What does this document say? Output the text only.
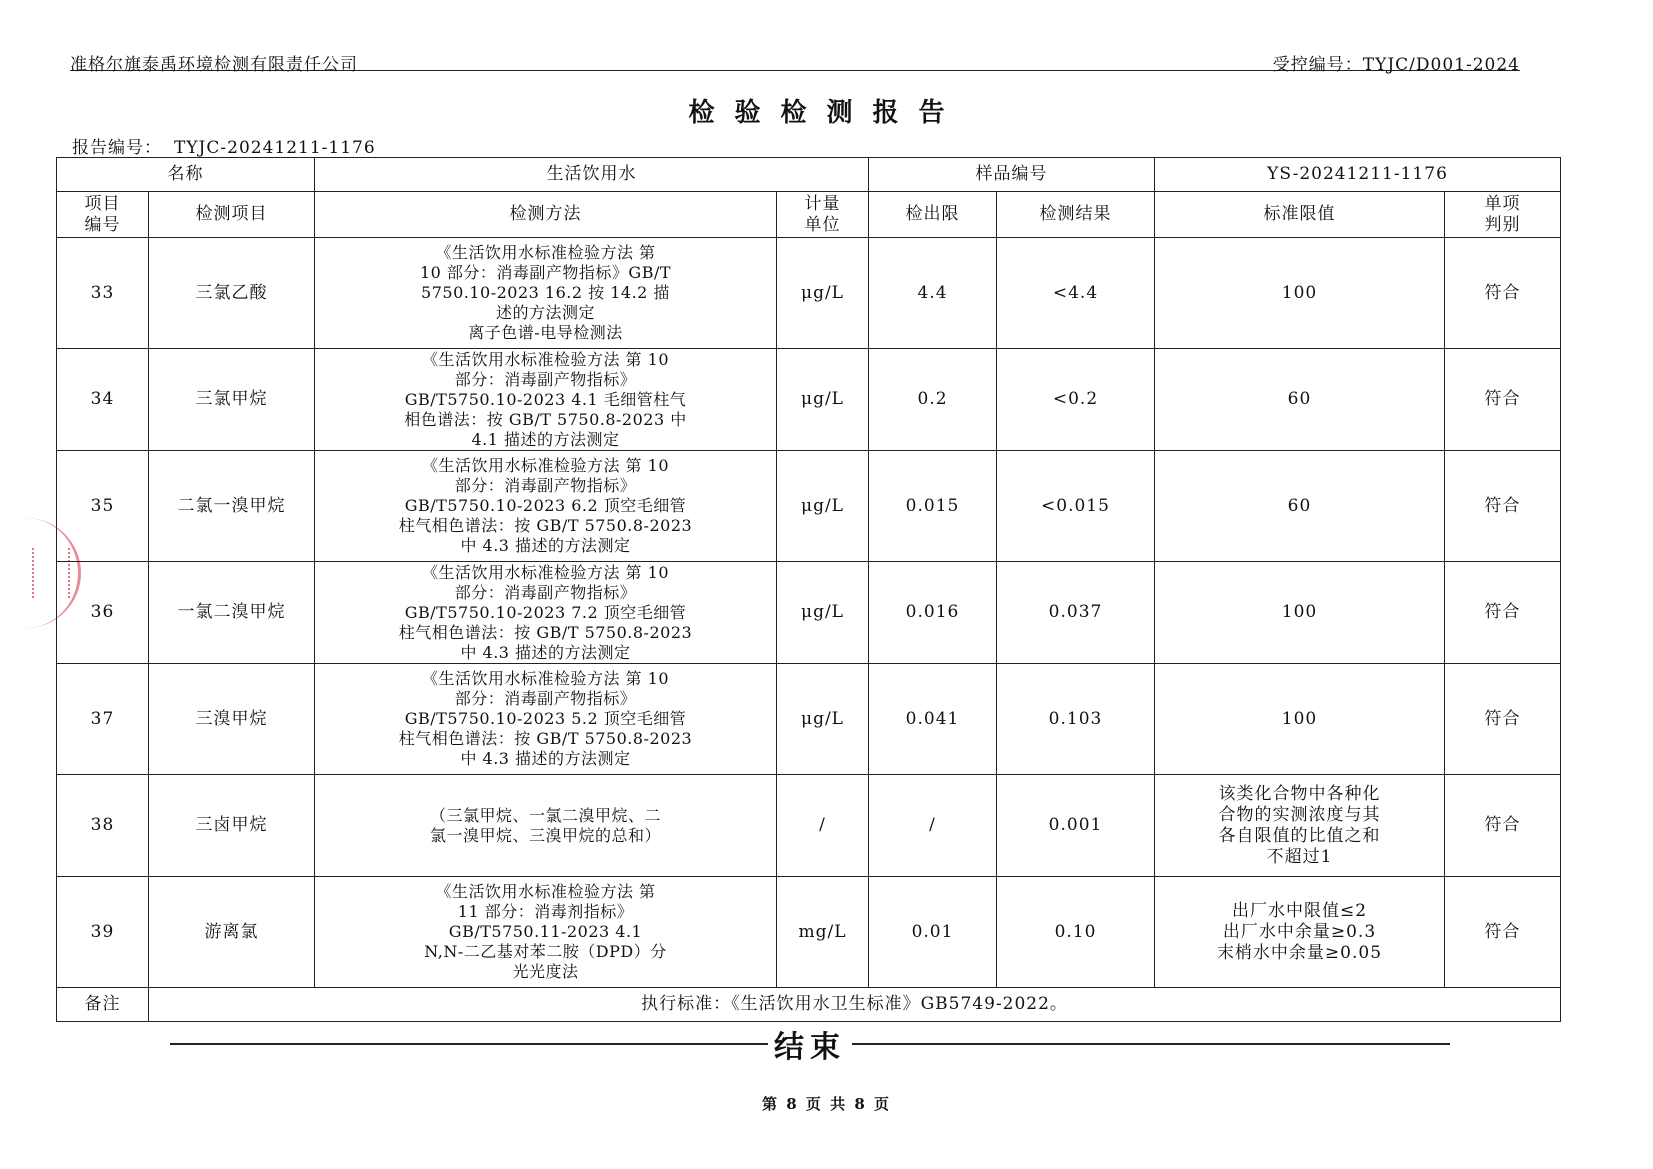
准格尔旗泰禹环境检测有限责任公司	受控编号：TYJC/D001-2024
检验检测报告
报告编号： TYJC-20241211-1176
名称		生活饮用水		样品编号		YS-20241211-1176	

项目
编号	检测项目	检测方法	计量
单位	检出限	检测结果	标准限值	单项
判别

33	三氯乙酸	《生活饮用水标准检验方法 第
10 部分：消毒副产物指标》GB/T
5750.10-2023 16.2 按 14.2 描
述的方法测定
离子色谱-电导检测法	μg/L	4.4	<4.4	100	符合
34	三氯甲烷	《生活饮用水标准检验方法 第 10
部分：消毒副产物指标》
GB/T5750.10-2023 4.1 毛细管柱气
相色谱法：按 GB/T 5750.8-2023 中
4.1 描述的方法测定	μg/L	0.2	<0.2	60	符合
35	二氯一溴甲烷	《生活饮用水标准检验方法 第 10
部分：消毒副产物指标》
GB/T5750.10-2023 6.2 顶空毛细管
柱气相色谱法：按 GB/T 5750.8-2023
中 4.3 描述的方法测定	μg/L	0.015	<0.015	60	符合
36	一氯二溴甲烷	《生活饮用水标准检验方法 第 10
部分：消毒副产物指标》
GB/T5750.10-2023 7.2 顶空毛细管
柱气相色谱法：按 GB/T 5750.8-2023
中 4.3 描述的方法测定	μg/L	0.016	0.037	100	符合
37	三溴甲烷	《生活饮用水标准检验方法 第 10
部分：消毒副产物指标》
GB/T5750.10-2023 5.2 顶空毛细管
柱气相色谱法：按 GB/T 5750.8-2023
中 4.3 描述的方法测定	μg/L	0.041	0.103	100	符合
38	三卤甲烷	（三氯甲烷、一氯二溴甲烷、二
氯一溴甲烷、三溴甲烷的总和）	/	/	0.001	该类化合物中各种化
合物的实测浓度与其
各自限值的比值之和
不超过1	符合
39	游离氯	《生活饮用水标准检验方法 第
11 部分：消毒剂指标》
GB/T5750.11-2023 4.1
N,N-二乙基对苯二胺（DPD）分
光光度法	mg/L	0.01	0.10	出厂水中限值≤2
出厂水中余量≥0.3
末梢水中余量≥0.05	符合
备注	执行标准：《生活饮用水卫生标准》GB5749-2022。						
结束
第 8 页 共 8 页
